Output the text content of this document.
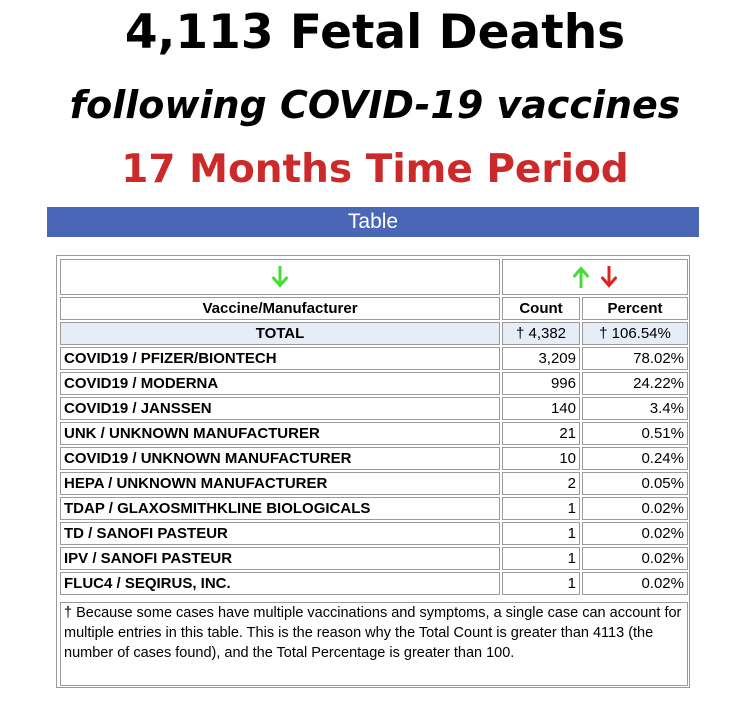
4,113 Fetal Deaths
following COVID-19 vaccines
17 Months Time Period
Table
Vaccine/Manufacturer	Count	Percent
TOTAL	† 4,382 † 106.54%
COVID19 / PFIZER/BIONTECH	3,209	78.02%
COVID19 / MODERNA	996	24.22%
COVID19 / JANSSEN	140	3.4%
UNK / UNKNOWN MANUFACTURER	21	0.51%
COVID19 / UNKNOWN MANUFACTURER	10	0.24%
HEPA / UNKNOWN MANUFACTURER	2	0.05%
TDAP / GLAXOSMITHKLINE BIOLOGICALS	1	0.02%
TD / SANOFI PASTEUR	1	0.02%
IPV / SANOFI PASTEUR	1	0.02%
FLUC4 / SEQIRUS, INC.	1	0.02%
† Because some cases have multiple vaccinations and symptoms, a single case can account for multiple entries in this table. This is the reason why the Total Count is greater than 4113 (the number of cases found), and the Total Percentage is greater than 100.
